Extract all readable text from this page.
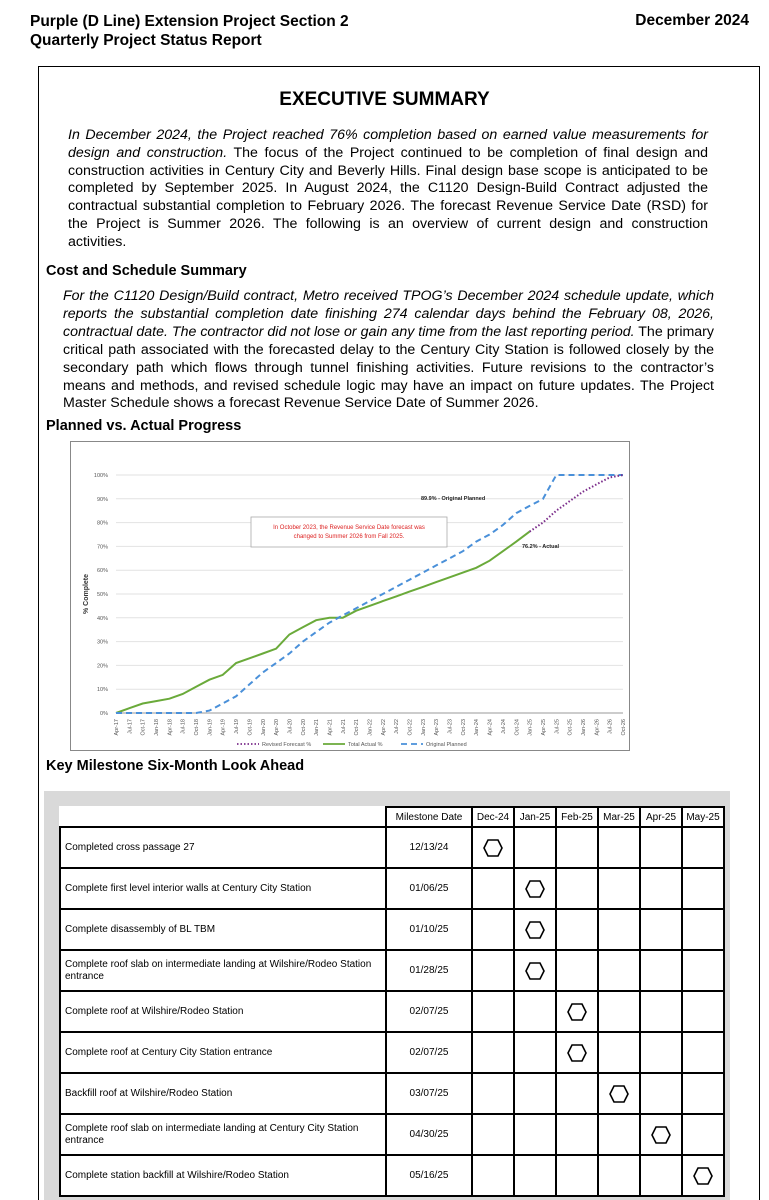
Purple (D Line) Extension Project Section 2
Quarterly Project Status Report
December 2024
EXECUTIVE SUMMARY
In December 2024, the Project reached 76% completion based on earned value measurements for design and construction. The focus of the Project continued to be completion of final design and construction activities in Century City and Beverly Hills. Final design base scope is anticipated to be completed by September 2025. In August 2024, the C1120 Design-Build Contract adjusted the contractual substantial completion to February 2026. The forecast Revenue Service Date (RSD) for the Project is Summer 2026. The following is an overview of current design and construction activities.
Cost and Schedule Summary
For the C1120 Design/Build contract, Metro received TPOG’s December 2024 schedule update, which reports the substantial completion date finishing 274 calendar days behind the February 08, 2026, contractual date. The contractor did not lose or gain any time from the last reporting period. The primary critical path associated with the forecasted delay to the Century City Station is followed closely by the secondary path which flows through tunnel finishing activities. Future revisions to the contractor’s means and methods, and revised schedule logic may have an impact on future updates. The Project Master Schedule shows a forecast Revenue Service Date of Summer 2026.
Planned vs. Actual Progress
0%
10%
20%
30%
40%
50%
60%
70%
80%
90%
100%
Apr-17 Jul-17 Oct-17 Jan-18 Apr-18 Jul-18 Oct-18 Jan-19 Apr-19 Jul-19 Oct-19 Jan-20 Apr-20 Jul-20 Oct-20 Jan-21 Apr-21 Jul-21 Oct-21 Jan-22 Apr-22 Jul-22 Oct-22 Jan-23 Apr-23 Jul-23 Oct-23 Jan-24 Apr-24 Jul-24 Oct-24 Jan-25 Apr-25 Jul-25 Oct-25 Jan-26 Apr-26 Jul-26 Oct-26
% Complete
89.9% - Original Planned
76.2% - Actual
In October 2023, the Revenue Service Date forecast was
changed to Summer 2026 from Fall 2025.
Revised Forecast %	Total Actual %	Original Planned
Key Milestone Six-Month Look Ahead
	Milestone Date	Dec-24	Jan-25	Feb-25	Mar-25	Apr-25	May-25
Completed cross passage 27	12/13/24						
Complete first level interior walls at Century City Station	01/06/25						
Complete disassembly of BL TBM	01/10/25						
Complete roof slab on intermediate landing at Wilshire/Rodeo Station entrance	01/28/25						
Complete roof at Wilshire/Rodeo Station	02/07/25						
Complete roof at Century City Station entrance	02/07/25						
Backfill roof at Wilshire/Rodeo Station	03/07/25						
Complete roof slab on intermediate landing at Century City Station entrance	04/30/25						
Complete station backfill at Wilshire/Rodeo Station	05/16/25						
